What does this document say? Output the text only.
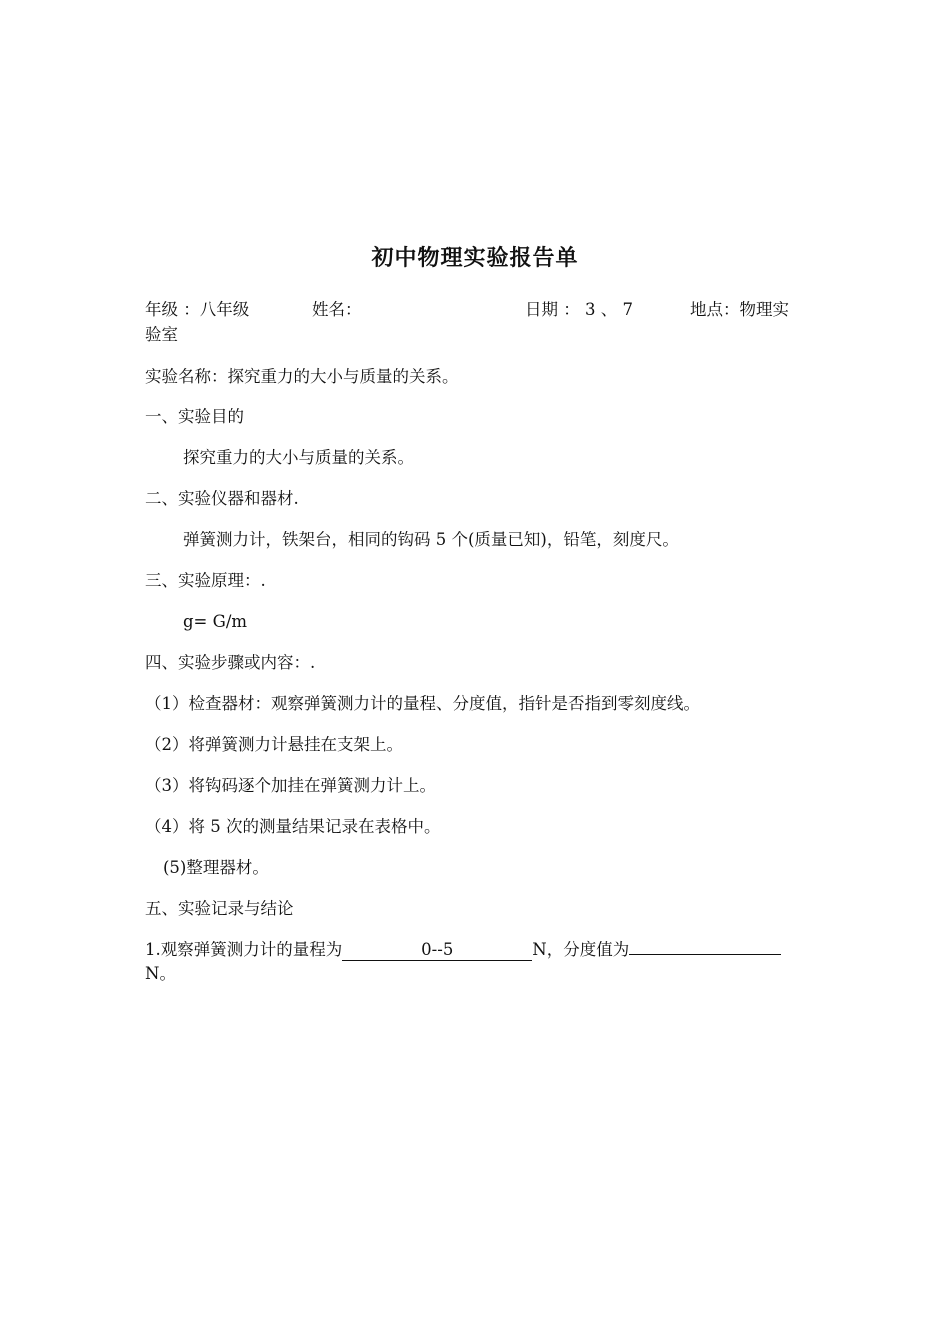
初中物理实验报告单
年级 ：八年级	姓名：	日期 ： 3 、 7	地点：物理实
验室
实验名称：探究重力的大小与质量的关系。
一、实验目的
探究重力的大小与质量的关系。
二、实验仪器和器材.
弹簧测力计，铁架台，相同的钩码 5 个(质量已知)，铅笔，刻度尺。
三、实验原理：.
g= G/m
四、实验步骤或内容：.
（1）检查器材：观察弹簧测力计的量程、分度值，指针是否指到零刻度线。
（2）将弹簧测力计悬挂在支架上。
（3）将钩码逐个加挂在弹簧测力计上。
（4）将 5 次的测量结果记录在表格中。
(5)整理器材。
五、实验记录与结论
1.观察弹簧测力计的量程为	0--5	N，分度值为
N。
